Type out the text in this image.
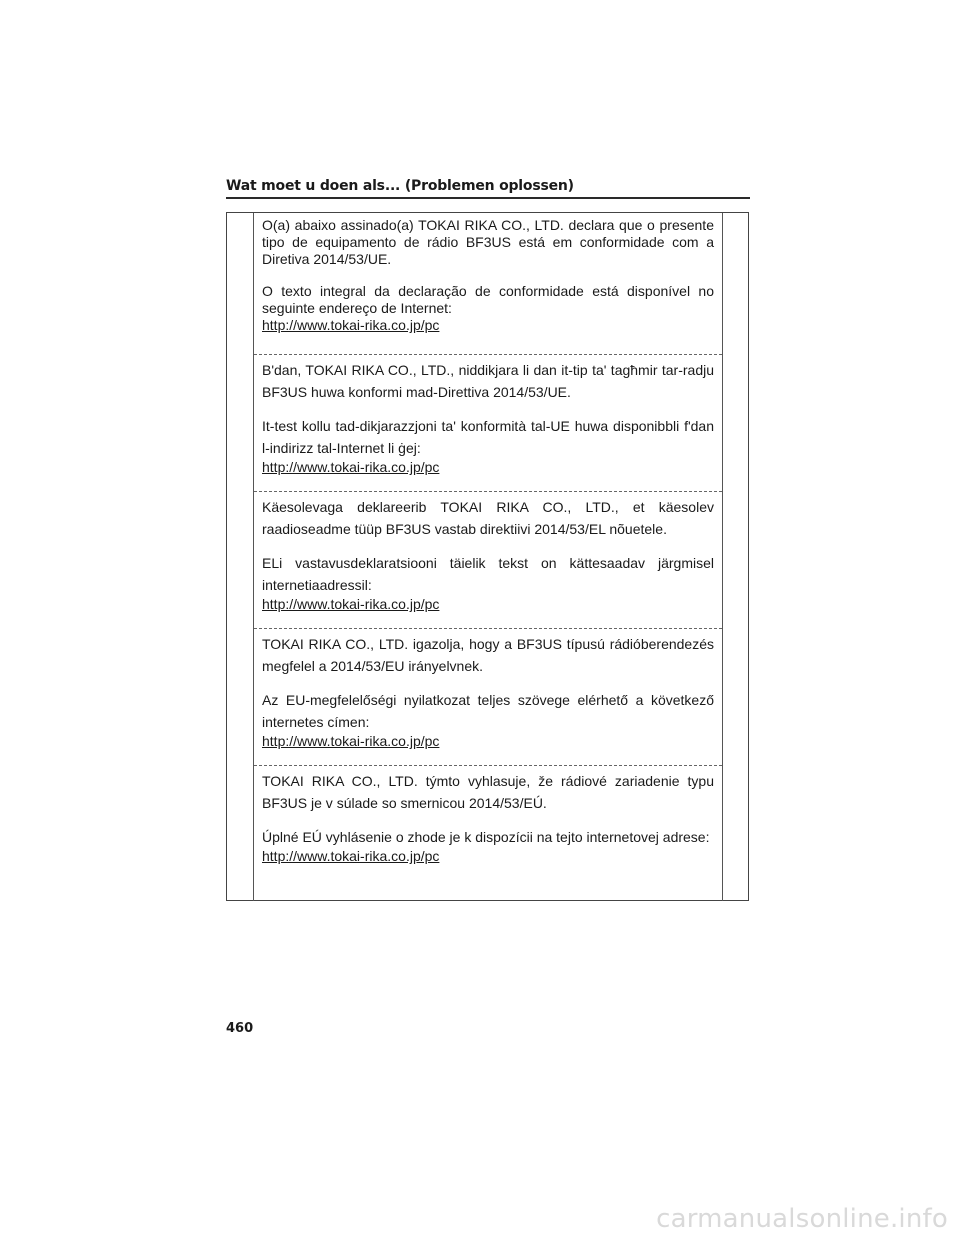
Wat moet u doen als... (Problemen oplossen)

O(a) abaixo assinado(a) TOKAI RIKA CO., LTD. declara que o presente tipo de equipamento de rádio BF3US está em conformidade com a Diretiva 2014/53/UE.

O texto integral da declaração de conformidade está disponível no seguinte endereço de Internet:

http://www.tokai-rika.co.jp/pc

B'dan, TOKAI RIKA CO., LTD., niddikjara li dan it-tip ta' tagħmir tar-radju BF3US huwa konformi mad-Direttiva 2014/53/UE.

It-test kollu tad-dikjarazzjoni ta' konformità tal-UE huwa disponibbli f'dan l-indirizz tal-Internet li ġej:

http://www.tokai-rika.co.jp/pc

Käesolevaga deklareerib TOKAI RIKA CO., LTD., et käesolev raadioseadme tüüp BF3US vastab direktiivi 2014/53/EL nõuetele.

ELi vastavusdeklaratsiooni täielik tekst on kättesaadav järgmisel internetiaadressil:

http://www.tokai-rika.co.jp/pc

TOKAI RIKA CO., LTD. igazolja, hogy a BF3US típusú rádióberendezés megfelel a 2014/53/EU irányelvnek.

Az EU-megfelelőségi nyilatkozat teljes szövege elérhető a következő internetes címen:

http://www.tokai-rika.co.jp/pc

TOKAI RIKA CO., LTD. týmto vyhlasuje, že rádiové zariadenie typu BF3US je v súlade so smernicou 2014/53/EÚ.

Úplné EÚ vyhlásenie o zhode je k dispozícii na tejto internetovej adrese:

http://www.tokai-rika.co.jp/pc
460
carmanualsonline.info
